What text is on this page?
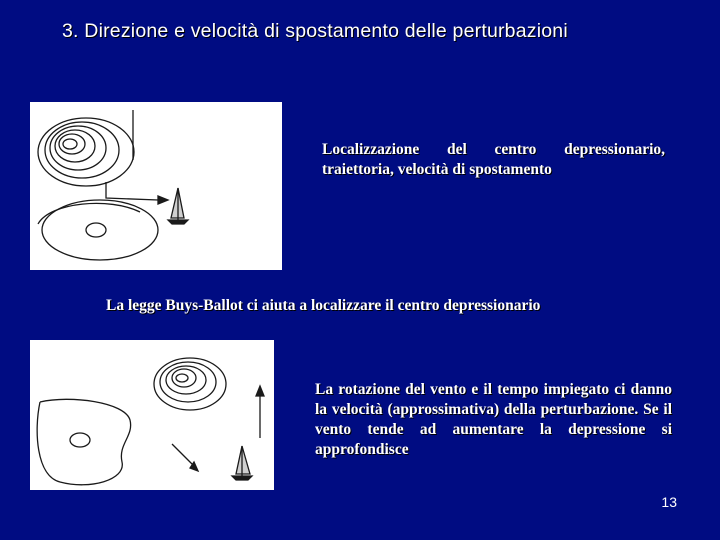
3. Direzione e velocità di spostamento delle perturbazioni
Localizzazione del centro depressionario, traiettoria, velocità di spostamento
La legge Buys-Ballot ci aiuta a localizzare il centro depressionario
La rotazione del vento e il tempo impiegato ci danno la velocità (approssimativa) della perturbazione. Se il vento tende ad aumentare la depressione si approfondisce
13
